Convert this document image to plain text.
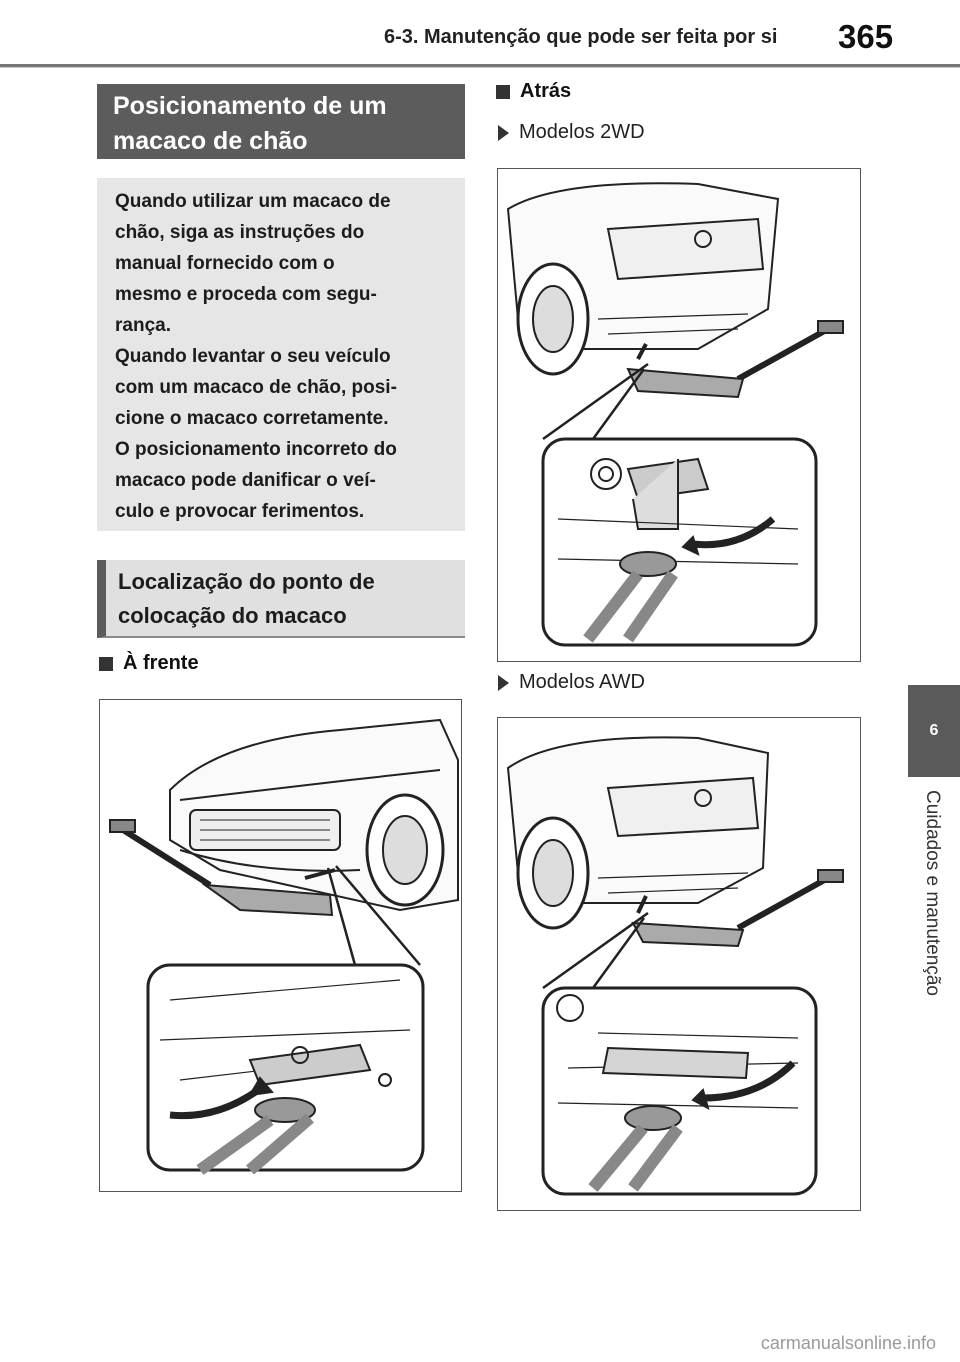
6-3. Manutenção que pode ser feita por si 365
6
Cuidados e manutenção
Posicionamento de um
macaco de chão

Quando utilizar um macaco de
chão, siga as instruções do
manual fornecido com o
mesmo e proceda com segu-
rança.
Quando levantar o seu veículo
com um macaco de chão, posi-
cione o macaco corretamente.
O posicionamento incorreto do
macaco pode danificar o veí-
culo e provocar ferimentos.

Localização do ponto de
colocação do macaco
À frente
Atrás
Modelos 2WD
Modelos AWD
carmanualsonline.info
